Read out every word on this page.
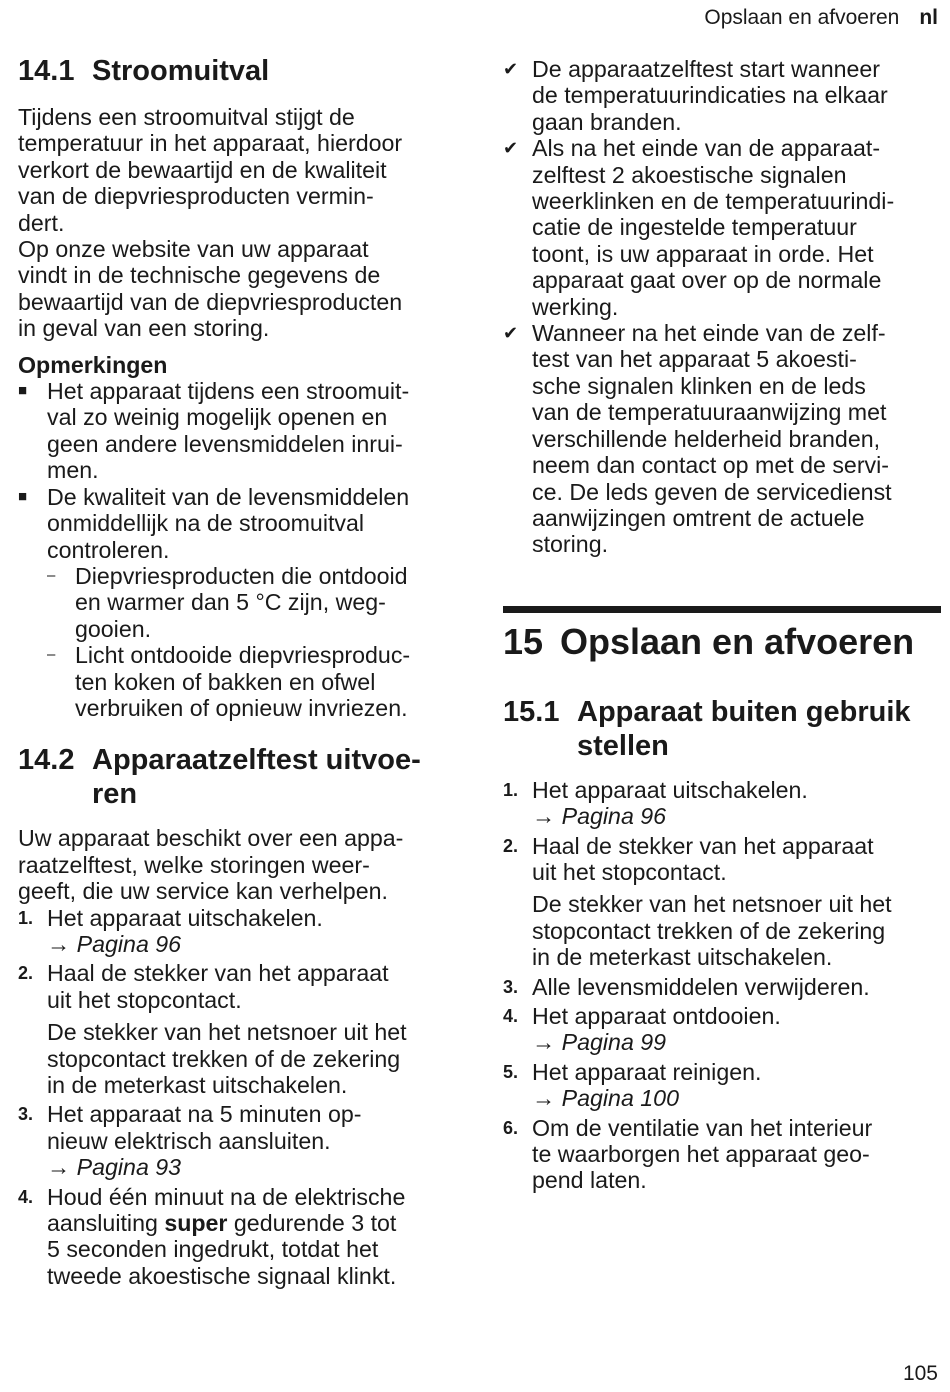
Opslaan en afvoeren nl
14.1 Stroomuitval
Tijdens een stroomuitval stijgt de
temperatuur in het apparaat, hierdoor
verkort de bewaartijd en de kwaliteit
van de diepvriesproducten vermin-
dert.
Op onze website van uw apparaat
vindt in de technische gegevens de
bewaartijd van de diepvriesproducten
in geval van een storing.
Opmerkingen
■ Het apparaat tijdens een stroomuit-
val zo weinig mogelijk openen en
geen andere levensmiddelen inrui-
men.
■ De kwaliteit van de levensmiddelen
onmiddellijk na de stroomuitval
controleren.
– Diepvriesproducten die ontdooid
en warmer dan 5 °C zijn, weg-
gooien.
– Licht ontdooide diepvriesproduc-
ten koken of bakken en ofwel
verbruiken of opnieuw invriezen.
14.2 Apparaatzelftest uitvoe-
ren
Uw apparaat beschikt over een appa-
raatzelftest, welke storingen weer-
geeft, die uw service kan verhelpen.
1. Het apparaat uitschakelen.
→ Pagina 96
2. Haal de stekker van het apparaat
uit het stopcontact.
De stekker van het netsnoer uit het
stopcontact trekken of de zekering
in de meterkast uitschakelen.
3. Het apparaat na 5 minuten op-
nieuw elektrisch aansluiten.
→ Pagina 93
4. Houd één minuut na de elektrische
aansluiting super gedurende 3 tot
5 seconden ingedrukt, totdat het
tweede akoestische signaal klinkt.
✔ De apparaatzelftest start wanneer
de temperatuurindicaties na elkaar
gaan branden.
✔ Als na het einde van de apparaat-
zelftest 2 akoestische signalen
weerklinken en de temperatuurindi-
catie de ingestelde temperatuur
toont, is uw apparaat in orde. Het
apparaat gaat over op de normale
werking.
✔ Wanneer na het einde van de zelf-
test van het apparaat 5 akoesti-
sche signalen klinken en de leds
van de temperatuuraanwijzing met
verschillende helderheid branden,
neem dan contact op met de servi-
ce. De leds geven de servicedienst
aanwijzingen omtrent de actuele
storing.
15 Opslaan en afvoeren
15.1 Apparaat buiten gebruik
stellen
1. Het apparaat uitschakelen.
→ Pagina 96
2. Haal de stekker van het apparaat
uit het stopcontact.
De stekker van het netsnoer uit het
stopcontact trekken of de zekering
in de meterkast uitschakelen.
3. Alle levensmiddelen verwijderen.
4. Het apparaat ontdooien.
→ Pagina 99
5. Het apparaat reinigen.
→ Pagina 100
6. Om de ventilatie van het interieur
te waarborgen het apparaat geo-
pend laten.
105
